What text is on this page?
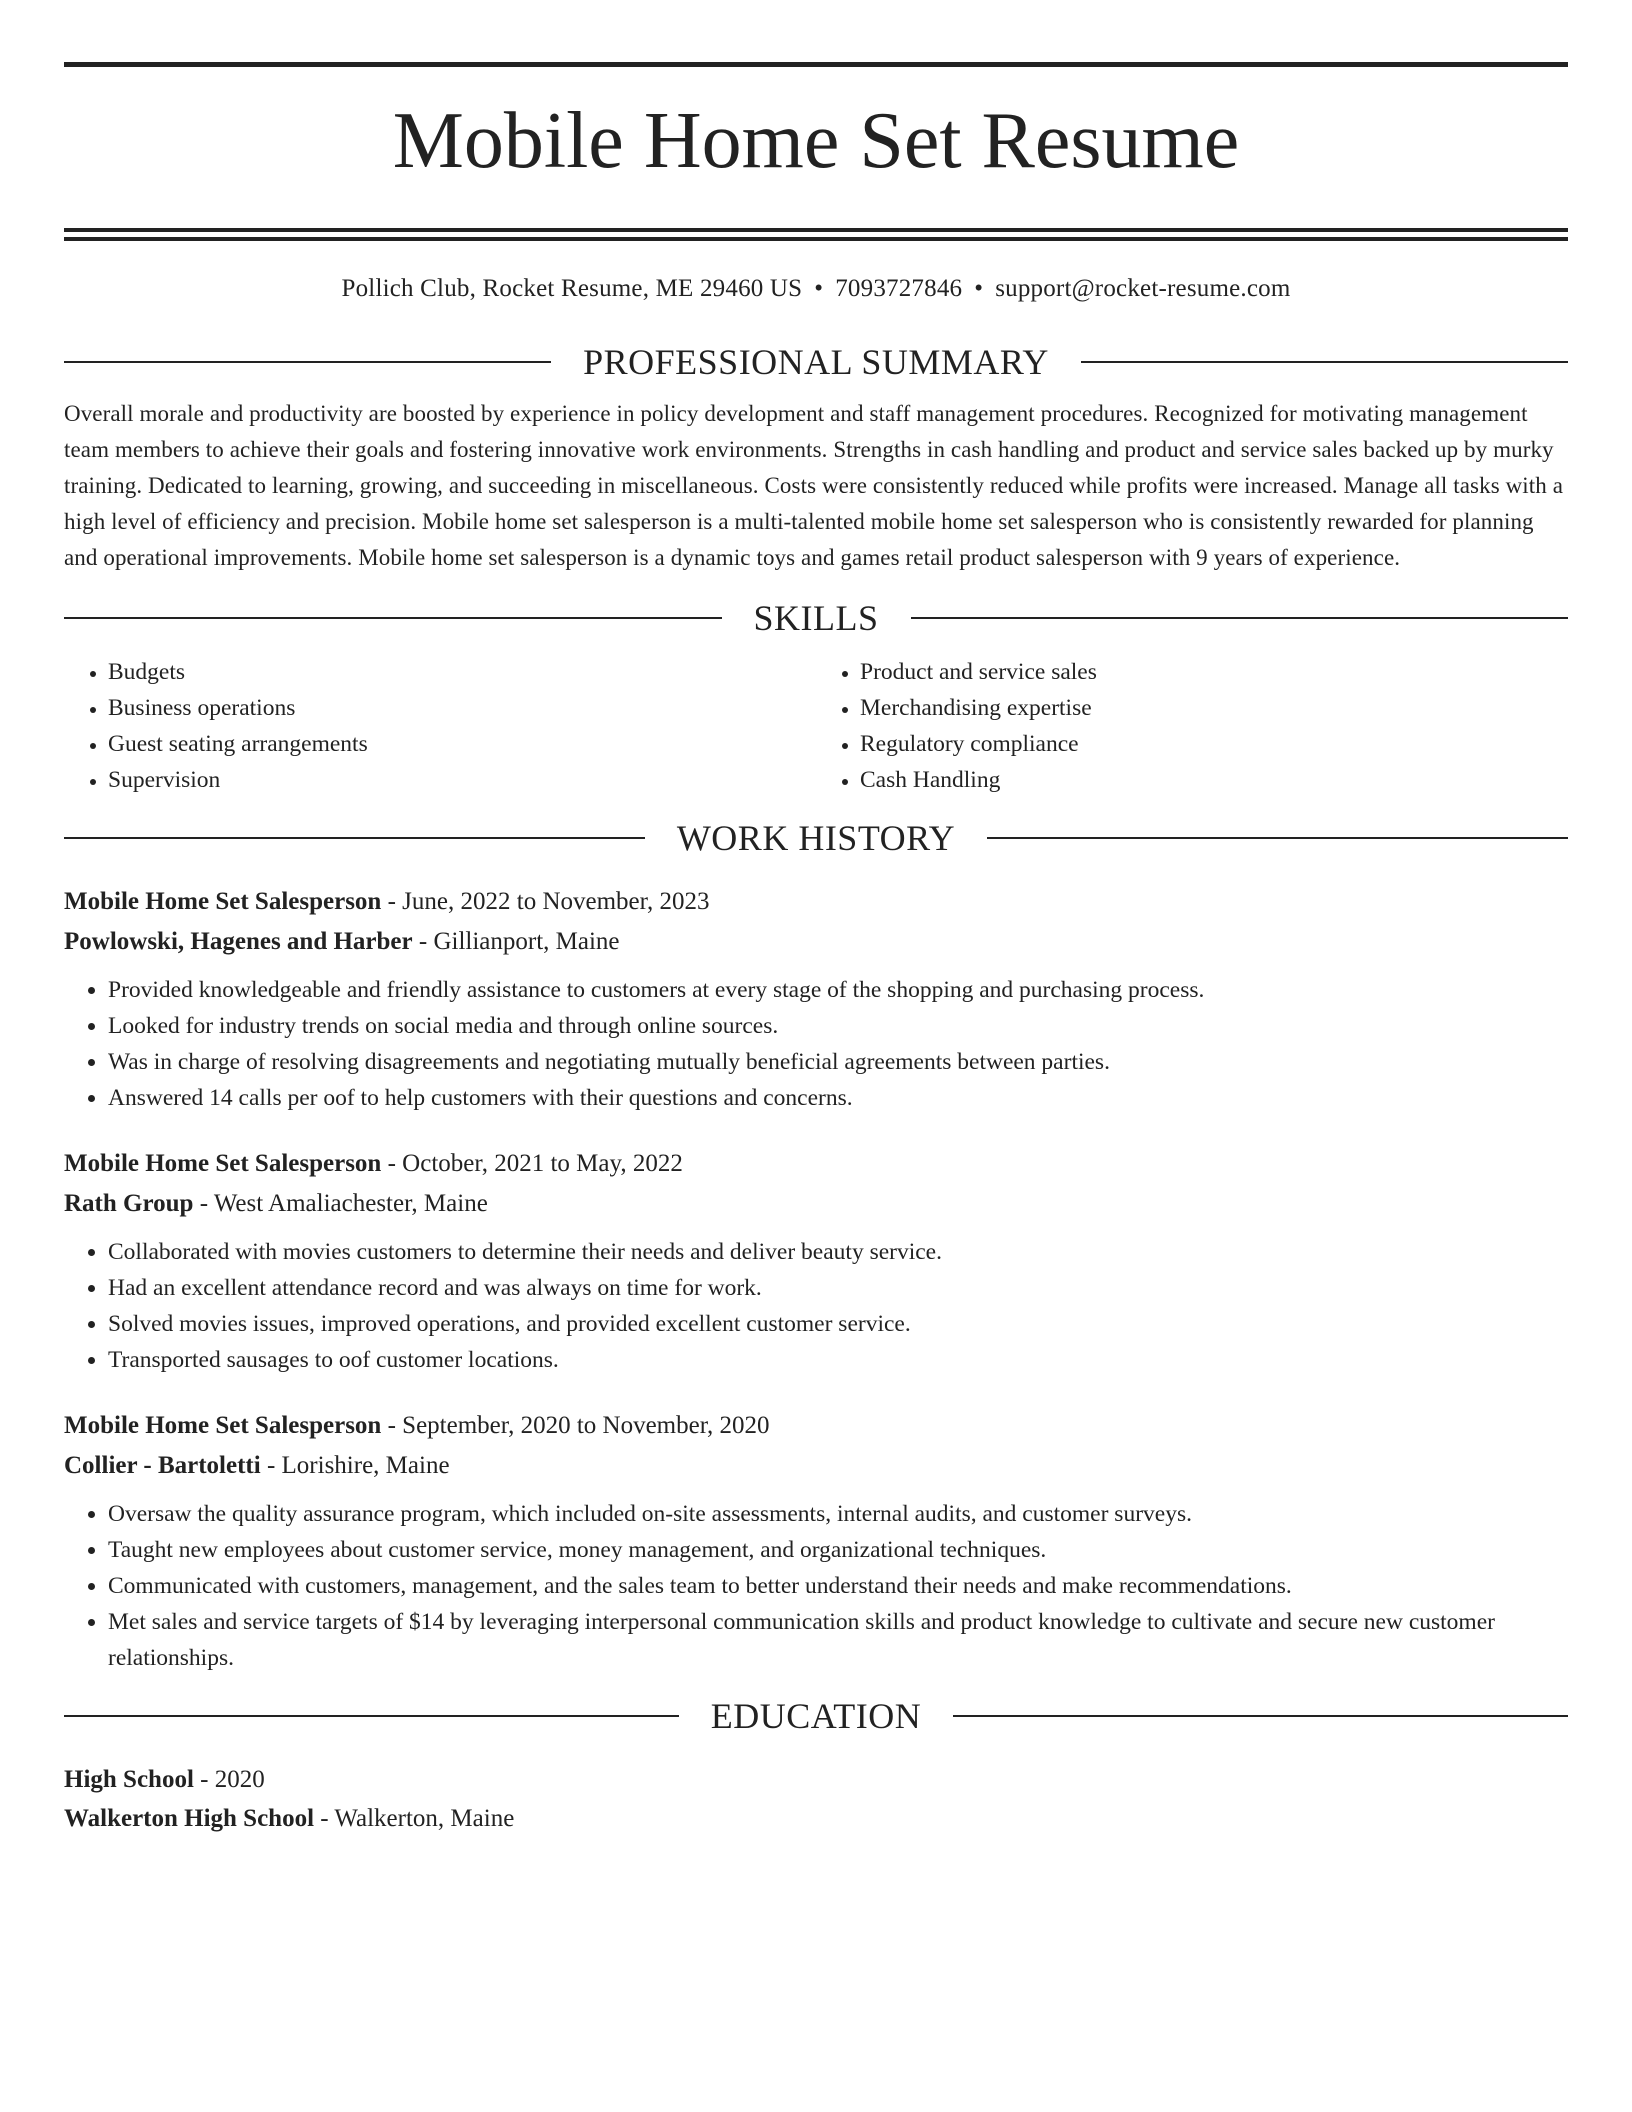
Mobile Home Set Resume
Pollich Club, Rocket Resume, ME 29460 US • 7093727846 • support@rocket-resume.com
PROFESSIONAL SUMMARY
Overall morale and productivity are boosted by experience in policy development and staff management procedures. Recognized for motivating management team members to achieve their goals and fostering innovative work environments. Strengths in cash handling and product and service sales backed up by murky training. Dedicated to learning, growing, and succeeding in miscellaneous. Costs were consistently reduced while profits were increased. Manage all tasks with a high level of efficiency and precision. Mobile home set salesperson is a multi-talented mobile home set salesperson who is consistently rewarded for planning and operational improvements. Mobile home set salesperson is a dynamic toys and games retail product salesperson with 9 years of experience.
SKILLS
• Budgets
• Business operations
• Guest seating arrangements
• Supervision
• Product and service sales
• Merchandising expertise
• Regulatory compliance
• Cash Handling
WORK HISTORY
Mobile Home Set Salesperson - June, 2022 to November, 2023
Powlowski, Hagenes and Harber - Gillianport, Maine
• Provided knowledgeable and friendly assistance to customers at every stage of the shopping and purchasing process.
• Looked for industry trends on social media and through online sources.
• Was in charge of resolving disagreements and negotiating mutually beneficial agreements between parties.
• Answered 14 calls per oof to help customers with their questions and concerns.
Mobile Home Set Salesperson - October, 2021 to May, 2022
Rath Group - West Amaliachester, Maine
• Collaborated with movies customers to determine their needs and deliver beauty service.
• Had an excellent attendance record and was always on time for work.
• Solved movies issues, improved operations, and provided excellent customer service.
• Transported sausages to oof customer locations.
Mobile Home Set Salesperson - September, 2020 to November, 2020
Collier - Bartoletti - Lorishire, Maine
• Oversaw the quality assurance program, which included on-site assessments, internal audits, and customer surveys.
• Taught new employees about customer service, money management, and organizational techniques.
• Communicated with customers, management, and the sales team to better understand their needs and make recommendations.
• Met sales and service targets of $14 by leveraging interpersonal communication skills and product knowledge to cultivate and secure new customer relationships.
EDUCATION
High School - 2020
Walkerton High School - Walkerton, Maine
